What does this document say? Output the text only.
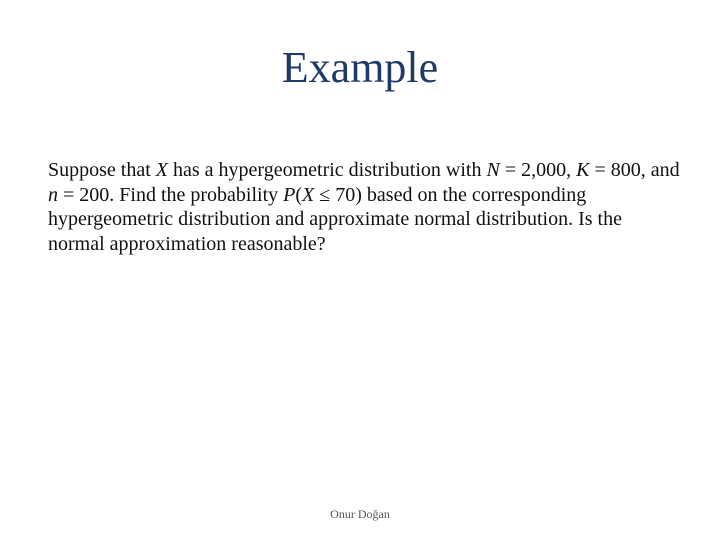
Example
Suppose that X has a hypergeometric distribution with N = 2,000, K = 800, and
n = 200. Find the probability P(X ≤ 70) based on the corresponding
hypergeometric distribution and approximate normal distribution. Is the
normal approximation reasonable?
Onur Doğan
